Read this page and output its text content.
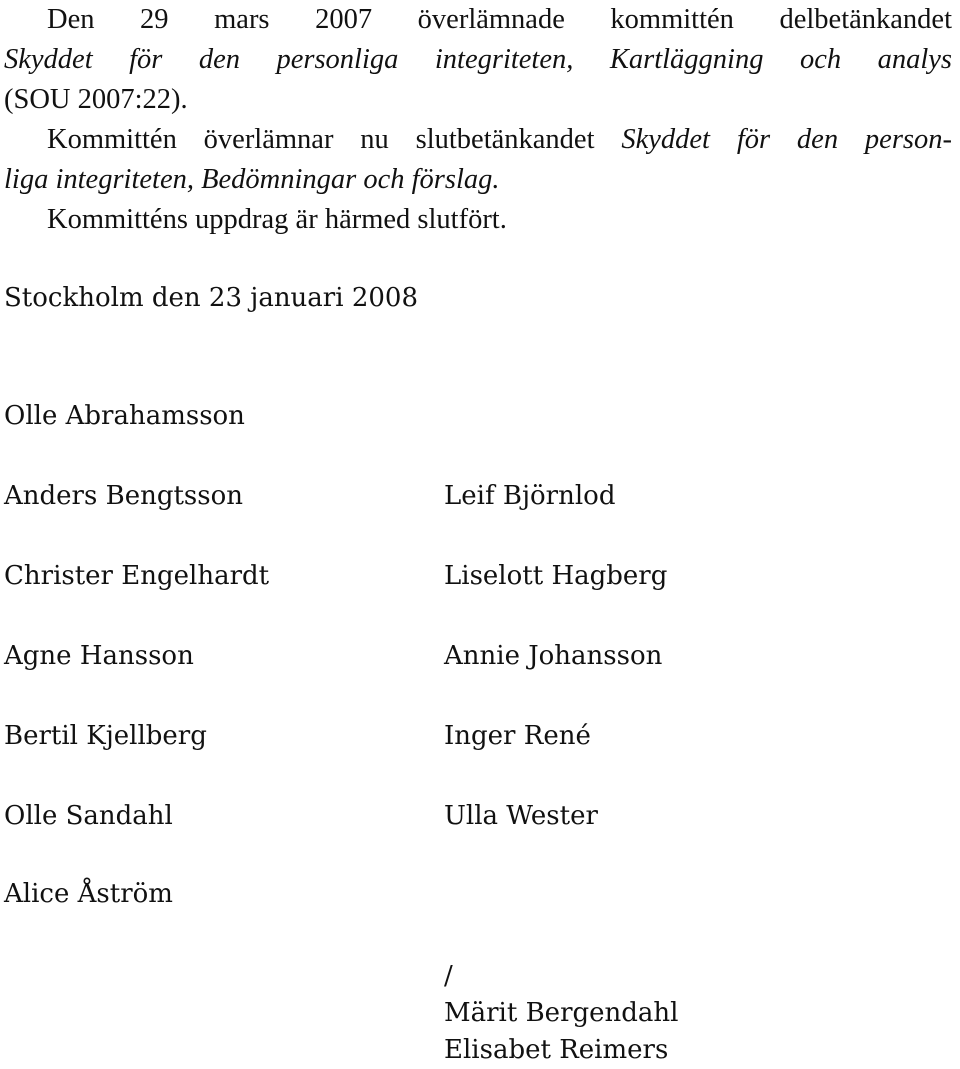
Den 29 mars 2007 överlämnade kommittén delbetänkandet
Skyddet för den personliga integriteten, Kartläggning och analys
(SOU 2007:22).
Kommittén överlämnar nu slutbetänkandet Skyddet för den person-
liga integriteten, Bedömningar och förslag.
Kommitténs uppdrag är härmed slutfört.
Stockholm den 23 januari 2008
Olle Abrahamsson
Anders Bengtsson
Christer Engelhardt
Agne Hansson
Bertil Kjellberg
Olle Sandahl
Alice Åström
Leif Björnlod
Liselott Hagberg
Annie Johansson
Inger René
Ulla Wester
/
Märit Bergendahl
Elisabet Reimers
